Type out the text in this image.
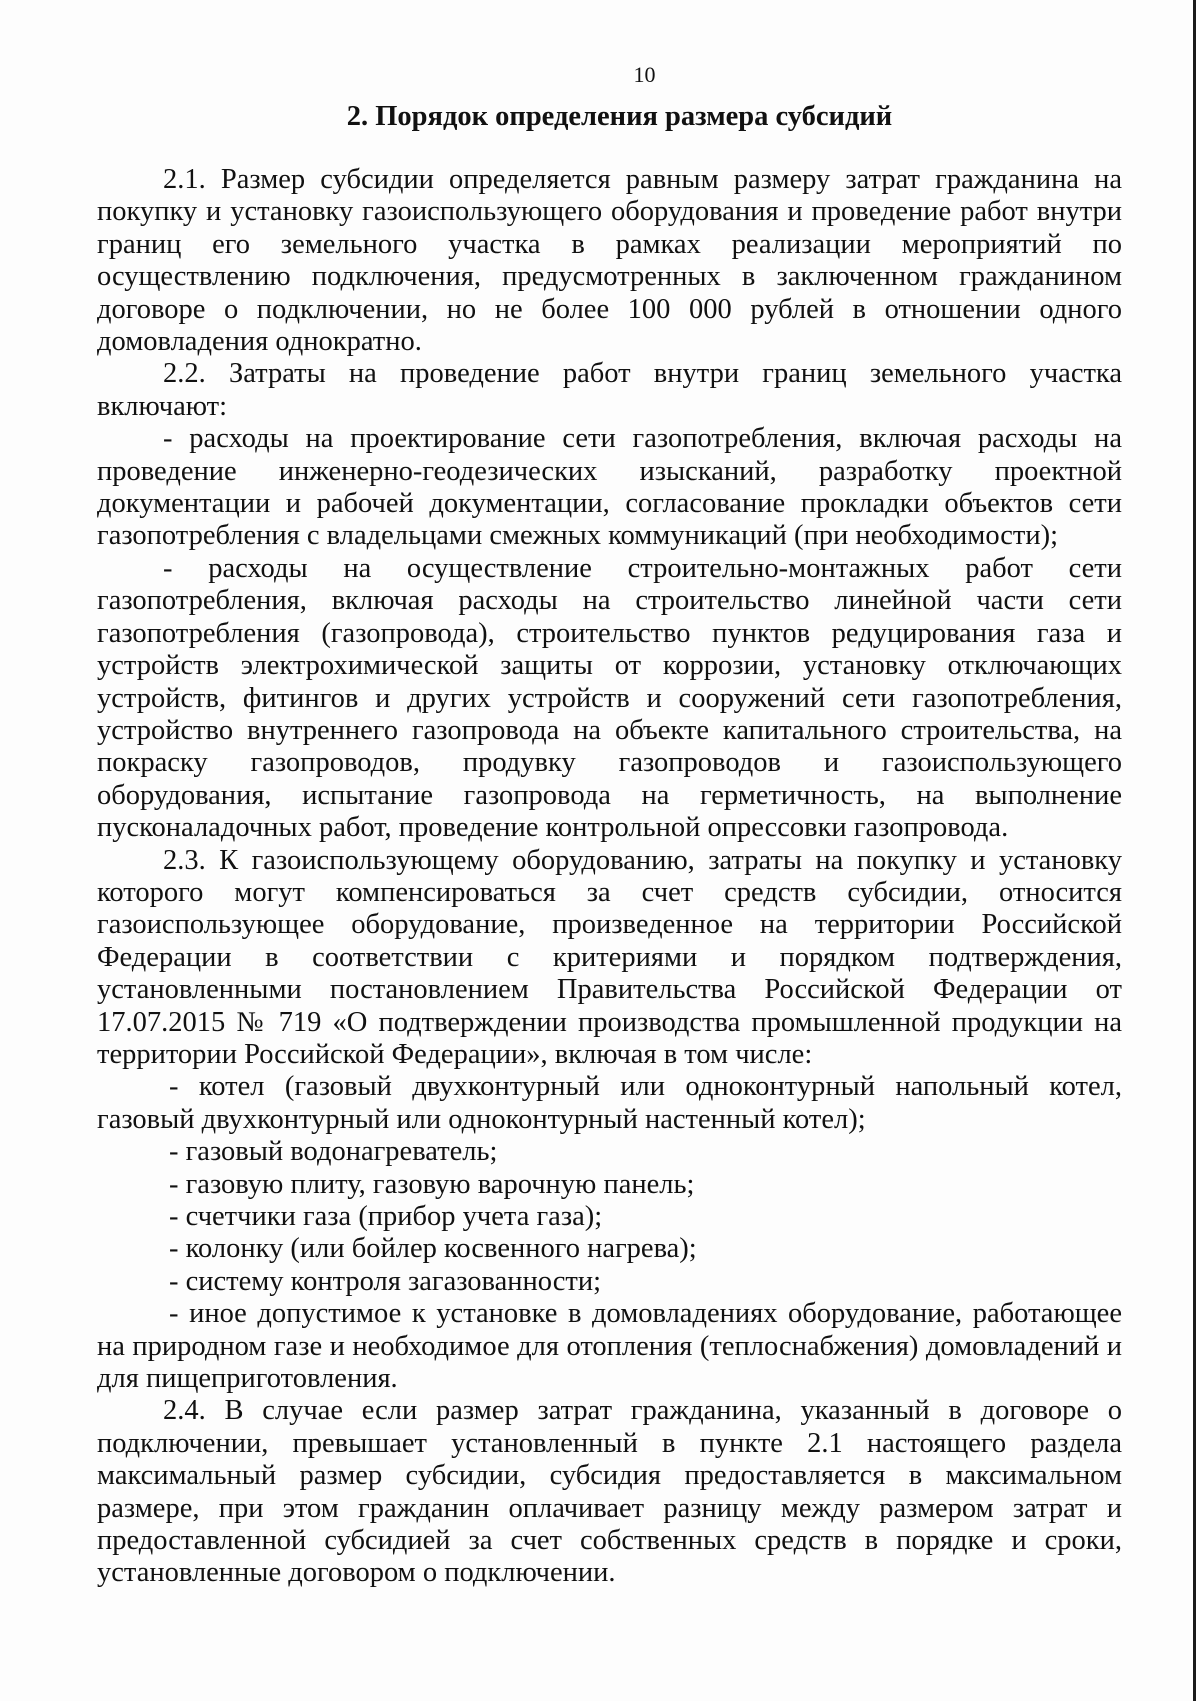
10
2. Порядок определения размера субсидий

2.1. Размер субсидии определяется равным размеру затрат гражданина на покупку и установку газоиспользующего оборудования и проведение работ внутри границ его земельного участка в рамках реализации мероприятий по осуществлению подключения, предусмотренных в заключенном гражданином договоре о подключении, но не более 100 000 рублей в отношении одного домовладения однократно.

2.2. Затраты на проведение работ внутри границ земельного участка включают:

- расходы на проектирование сети газопотребления, включая расходы на проведение инженерно-геодезических изысканий, разработку проектной документации и рабочей документации, согласование прокладки объектов сети газопотребления с владельцами смежных коммуникаций (при необходимости);

- расходы на осуществление строительно-монтажных работ сети газопотребления, включая расходы на строительство линейной части сети газопотребления (газопровода), строительство пунктов редуцирования газа и устройств электрохимической защиты от коррозии, установку отключающих устройств, фитингов и других устройств и сооружений сети газопотребления, устройство внутреннего газопровода на объекте капитального строительства, на покраску газопроводов, продувку газопроводов и газоиспользующего оборудования, испытание газопровода на герметичность, на выполнение пусконаладочных работ, проведение контрольной опрессовки газопровода.

2.3. К газоиспользующему оборудованию, затраты на покупку и установку которого могут компенсироваться за счет средств субсидии, относится газоиспользующее оборудование, произведенное на территории Российской Федерации в соответствии с критериями и порядком подтверждения, установленными постановлением Правительства Российской Федерации от 17.07.2015 № 719 «О подтверждении производства промышленной продукции на территории Российской Федерации», включая в том числе:

- котел (газовый двухконтурный или одноконтурный напольный котел, газовый двухконтурный или одноконтурный настенный котел);

- газовый водонагреватель;

- газовую плиту, газовую варочную панель;

- счетчики газа (прибор учета газа);

- колонку (или бойлер косвенного нагрева);

- систему контроля загазованности;

- иное допустимое к установке в домовладениях оборудование, работающее на природном газе и необходимое для отопления (теплоснабжения) домовладений и для пищеприготовления.

2.4. В случае если размер затрат гражданина, указанный в договоре о подключении, превышает установленный в пункте 2.1 настоящего раздела максимальный размер субсидии, субсидия предоставляется в максимальном размере, при этом гражданин оплачивает разницу между размером затрат и предоставленной субсидией за счет собственных средств в порядке и сроки, установленные договором о подключении.
